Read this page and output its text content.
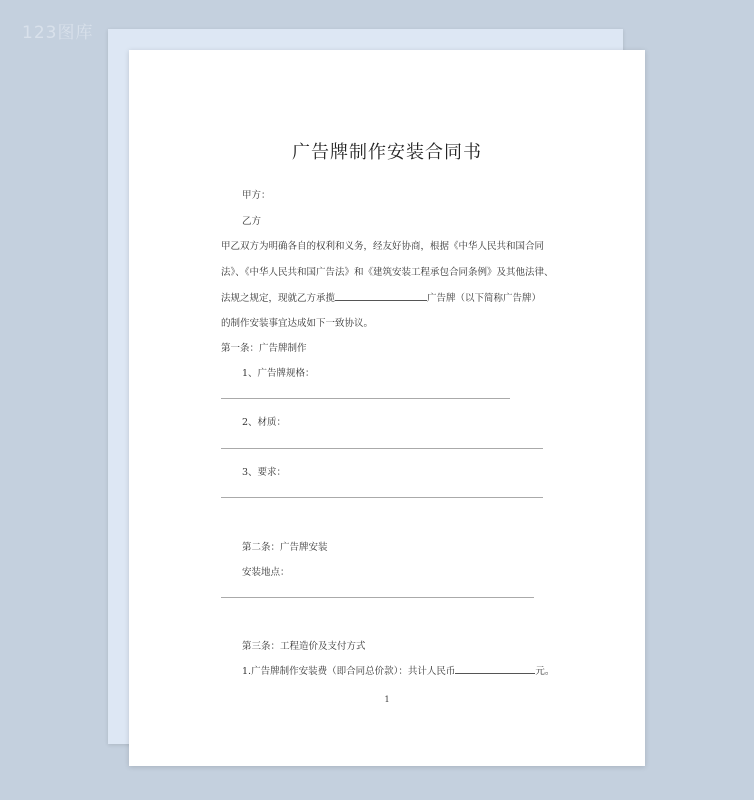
123图库
广告牌制作安装合同书
甲方：
乙方
甲乙双方为明确各自的权利和义务，经友好协商，根据《中华人民共和国合同
法》、《中华人民共和国广告法》和《建筑安装工程承包合同条例》及其他法律、
法规之规定，现就乙方承揽	广告牌（以下简称广告牌）
的制作安装事宜达成如下一致协议。
第一条：广告牌制作
1、广告牌规格：
2、材质：
3、要求：
第二条：广告牌安装
安装地点：
第三条：工程造价及支付方式
1.广告牌制作安装费（即合同总价款）：共计人民币	元。
1
